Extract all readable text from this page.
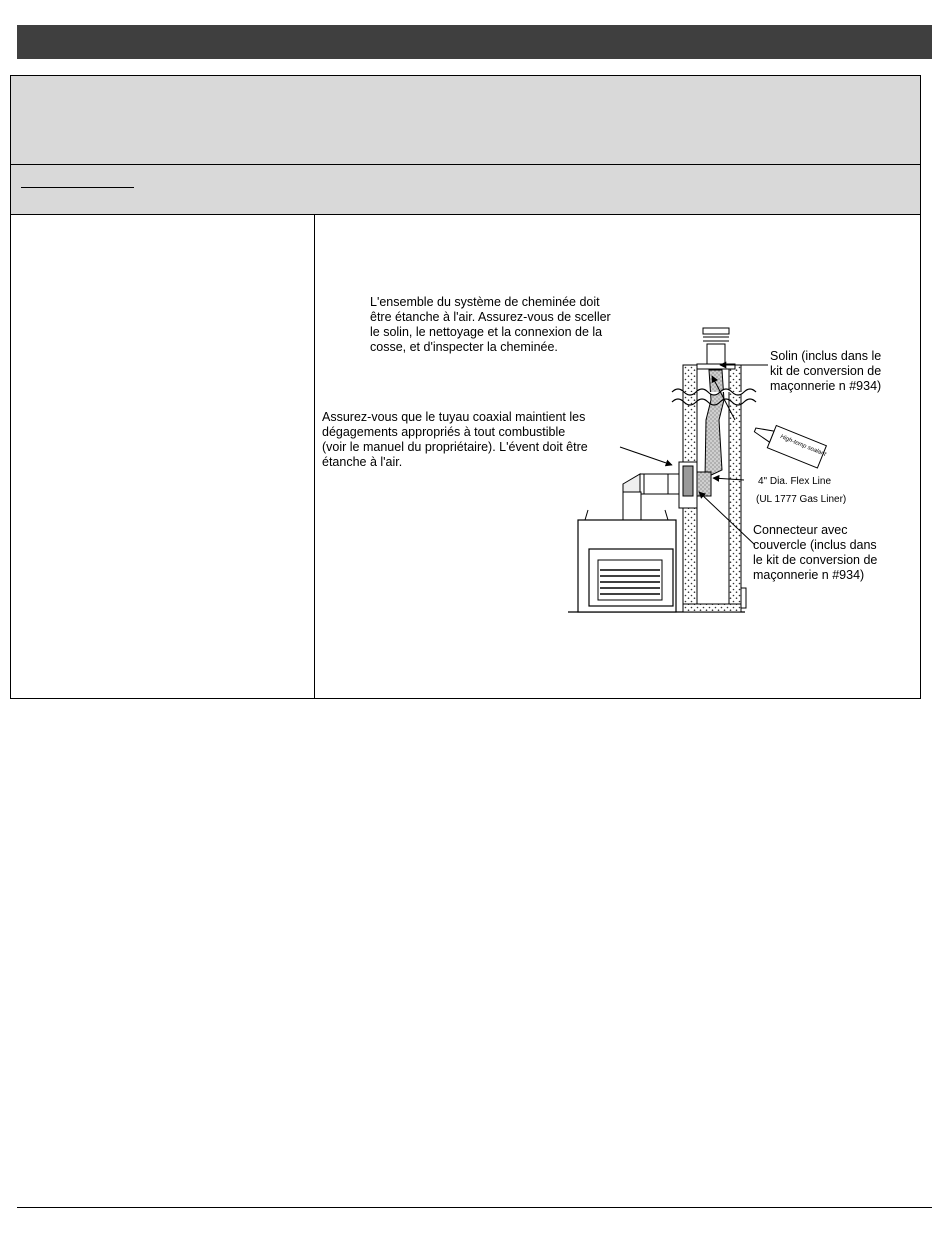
High-temp sealant
L'ensemble du système de cheminée doit
être étanche à l'air. Assurez-vous de sceller
le solin, le nettoyage et la connexion de la
cosse, et d'inspecter la cheminée.
Assurez-vous que le tuyau coaxial maintient les
dégagements appropriés à tout combustible
(voir le manuel du propriétaire). L'évent doit être
étanche à l'air.
Solin (inclus dans le
kit de conversion de
maçonnerie n #934)
4" Dia. Flex Line
(UL 1777 Gas Liner)
Connecteur avec
couvercle (inclus dans
le kit de conversion de
maçonnerie n #934)
